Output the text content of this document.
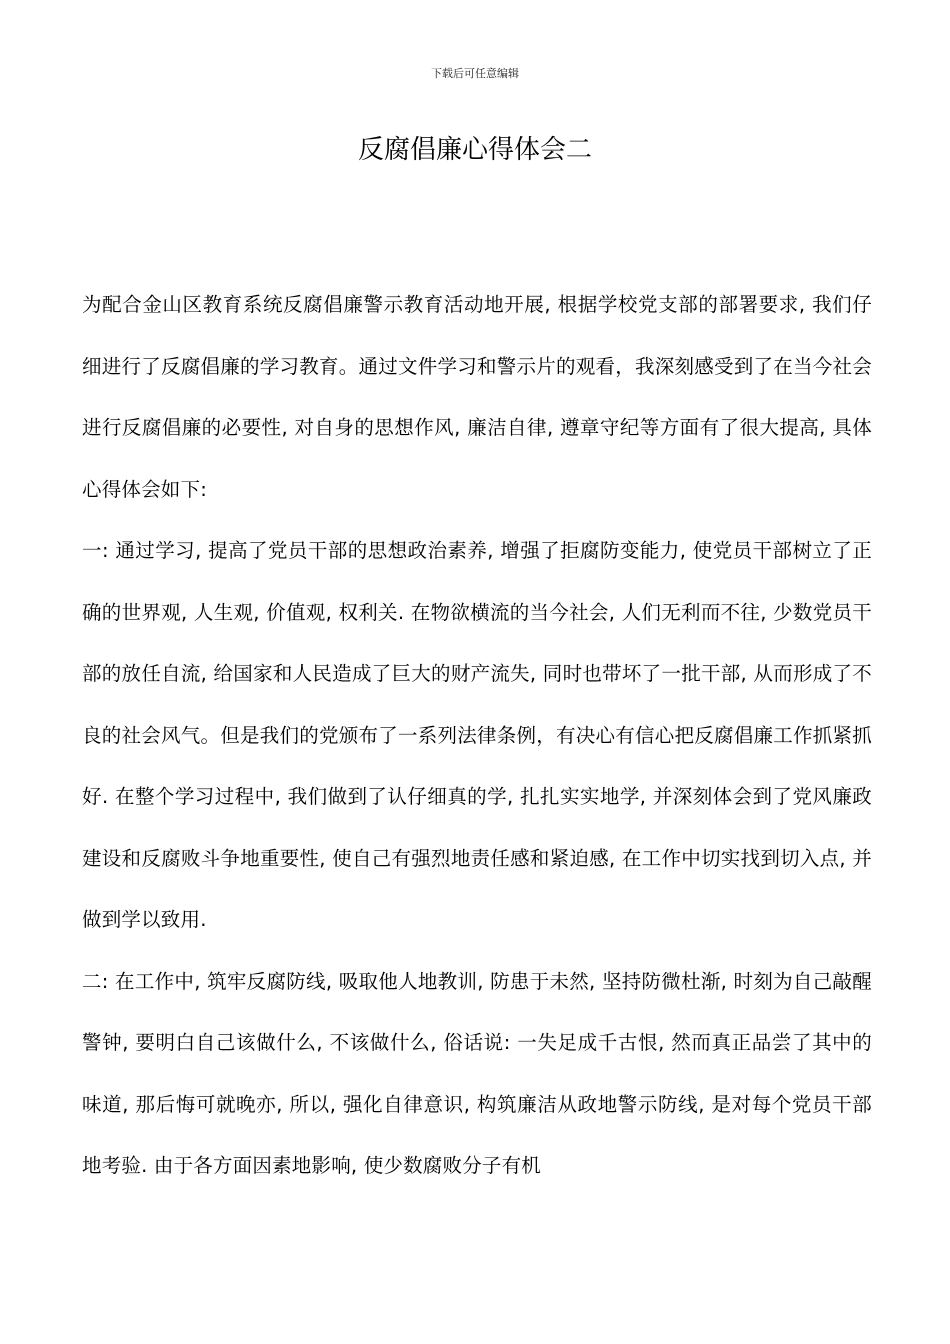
下载后可任意编辑
反腐倡廉心得体会二

为配合金山区教育系统反腐倡廉警示教育活动地开展, 根据学校党支部的部署要求, 我们仔细进行了反腐倡廉的学习教育。通过文件学习和警示片的观看，我深刻感受到了在当今社会进行反腐倡廉的必要性, 对自身的思想作风, 廉洁自律, 遵章守纪等方面有了很大提高, 具体心得体会如下:

一: 通过学习, 提高了党员干部的思想政治素养, 增强了拒腐防变能力, 使党员干部树立了正确的世界观, 人生观, 价值观, 权利关. 在物欲横流的当今社会, 人们无利而不往, 少数党员干部的放任自流, 给国家和人民造成了巨大的财产流失, 同时也带坏了一批干部, 从而形成了不良的社会风气。但是我们的党颁布了一系列法律条例，有决心有信心把反腐倡廉工作抓紧抓好. 在整个学习过程中, 我们做到了认仔细真的学, 扎扎实实地学, 并深刻体会到了党风廉政建设和反腐败斗争地重要性, 使自己有强烈地责任感和紧迫感, 在工作中切实找到切入点, 并做到学以致用.

二: 在工作中, 筑牢反腐防线, 吸取他人地教训, 防患于未然, 坚持防微杜渐, 时刻为自己敲醒警钟, 要明白自己该做什么, 不该做什么, 俗话说: 一失足成千古恨, 然而真正品尝了其中的味道, 那后悔可就晚亦, 所以, 强化自律意识, 构筑廉洁从政地警示防线, 是对每个党员干部地考验. 由于各方面因素地影响, 使少数腐败分子有机
